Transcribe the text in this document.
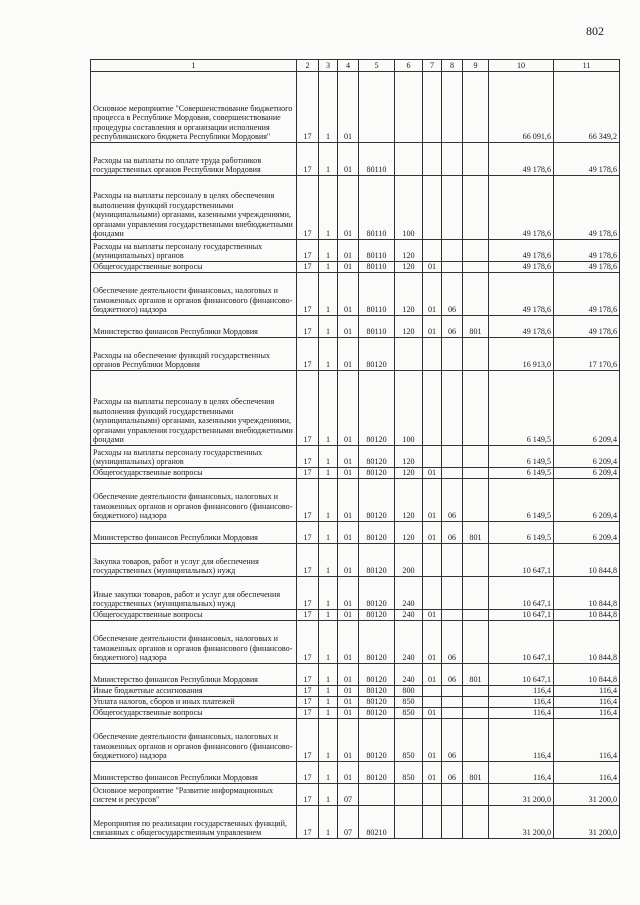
802
1	2	3	4	5	6	7	8	9	10	11
Основное мероприятие "Совершенствование бюджетного процесса в Республике Мордовия, совершенствование процедуры составления и организации исполнения республиканского бюджета Республики Мордовия"	17	1	01						66 091,6	66 349,2
Расходы на выплаты по оплате труда работников государственных органов Республики Мордовия	17	1	01	80110					49 178,6	49 178,6
Расходы на выплаты персоналу в целях обеспечения выполнения функций государственными (муниципальными) органами, казенными учреждениями, органами управления государственными внебюджетными фондами	17	1	01	80110	100				49 178,6	49 178,6
Расходы на выплаты персоналу государственных (муниципальных) органов	17	1	01	80110	120				49 178,6	49 178,6
Общегосударственные вопросы	17	1	01	80110	120	01			49 178,6	49 178,6
Обеспечение деятельности финансовых, налоговых и таможенных органов и органов финансового (финансово-бюджетного) надзора	17	1	01	80110	120	01	06		49 178,6	49 178,6
Министерство финансов Республики Мордовия	17	1	01	80110	120	01	06	801	49 178,6	49 178,6
Расходы на обеспечение функций государственных органов Республики Мордовия	17	1	01	80120					16 913,0	17 170,6
Расходы на выплаты персоналу в целях обеспечения выполнения функций государственными (муниципальными) органами, казенными учреждениями, органами управления государственными внебюджетными фондами	17	1	01	80120	100				6 149,5	6 209,4
Расходы на выплаты персоналу государственных (муниципальных) органов	17	1	01	80120	120				6 149,5	6 209,4
Общегосударственные вопросы	17	1	01	80120	120	01			6 149,5	6 209,4
Обеспечение деятельности финансовых, налоговых и таможенных органов и органов финансового (финансово-бюджетного) надзора	17	1	01	80120	120	01	06		6 149,5	6 209,4
Министерство финансов Республики Мордовия	17	1	01	80120	120	01	06	801	6 149,5	6 209,4
Закупка товаров, работ и услуг для обеспечения государственных (муниципальных) нужд	17	1	01	80120	200				10 647,1	10 844,8
Иные закупки товаров, работ и услуг для обеспечения государственных (муниципальных) нужд	17	1	01	80120	240				10 647,1	10 844,8
Общегосударственные вопросы	17	1	01	80120	240	01			10 647,1	10 844,8
Обеспечение деятельности финансовых, налоговых и таможенных органов и органов финансового (финансово-бюджетного) надзора	17	1	01	80120	240	01	06		10 647,1	10 844,8
Министерство финансов Республики Мордовия	17	1	01	80120	240	01	06	801	10 647,1	10 844,8
Иные бюджетные ассигнования	17	1	01	80120	800				116,4	116,4
Уплата налогов, сборов и иных платежей	17	1	01	80120	850				116,4	116,4
Общегосударственные вопросы	17	1	01	80120	850	01			116,4	116,4
Обеспечение деятельности финансовых, налоговых и таможенных органов и органов финансового (финансово-бюджетного) надзора	17	1	01	80120	850	01	06		116,4	116,4
Министерство финансов Республики Мордовия	17	1	01	80120	850	01	06	801	116,4	116,4
Основное мероприятие "Развитие информационных систем и ресурсов"	17	1	07						31 200,0	31 200,0
Мероприятия по реализации государственных функций, связанных с общегосударственным управлением	17	1	07	80210					31 200,0	31 200,0
